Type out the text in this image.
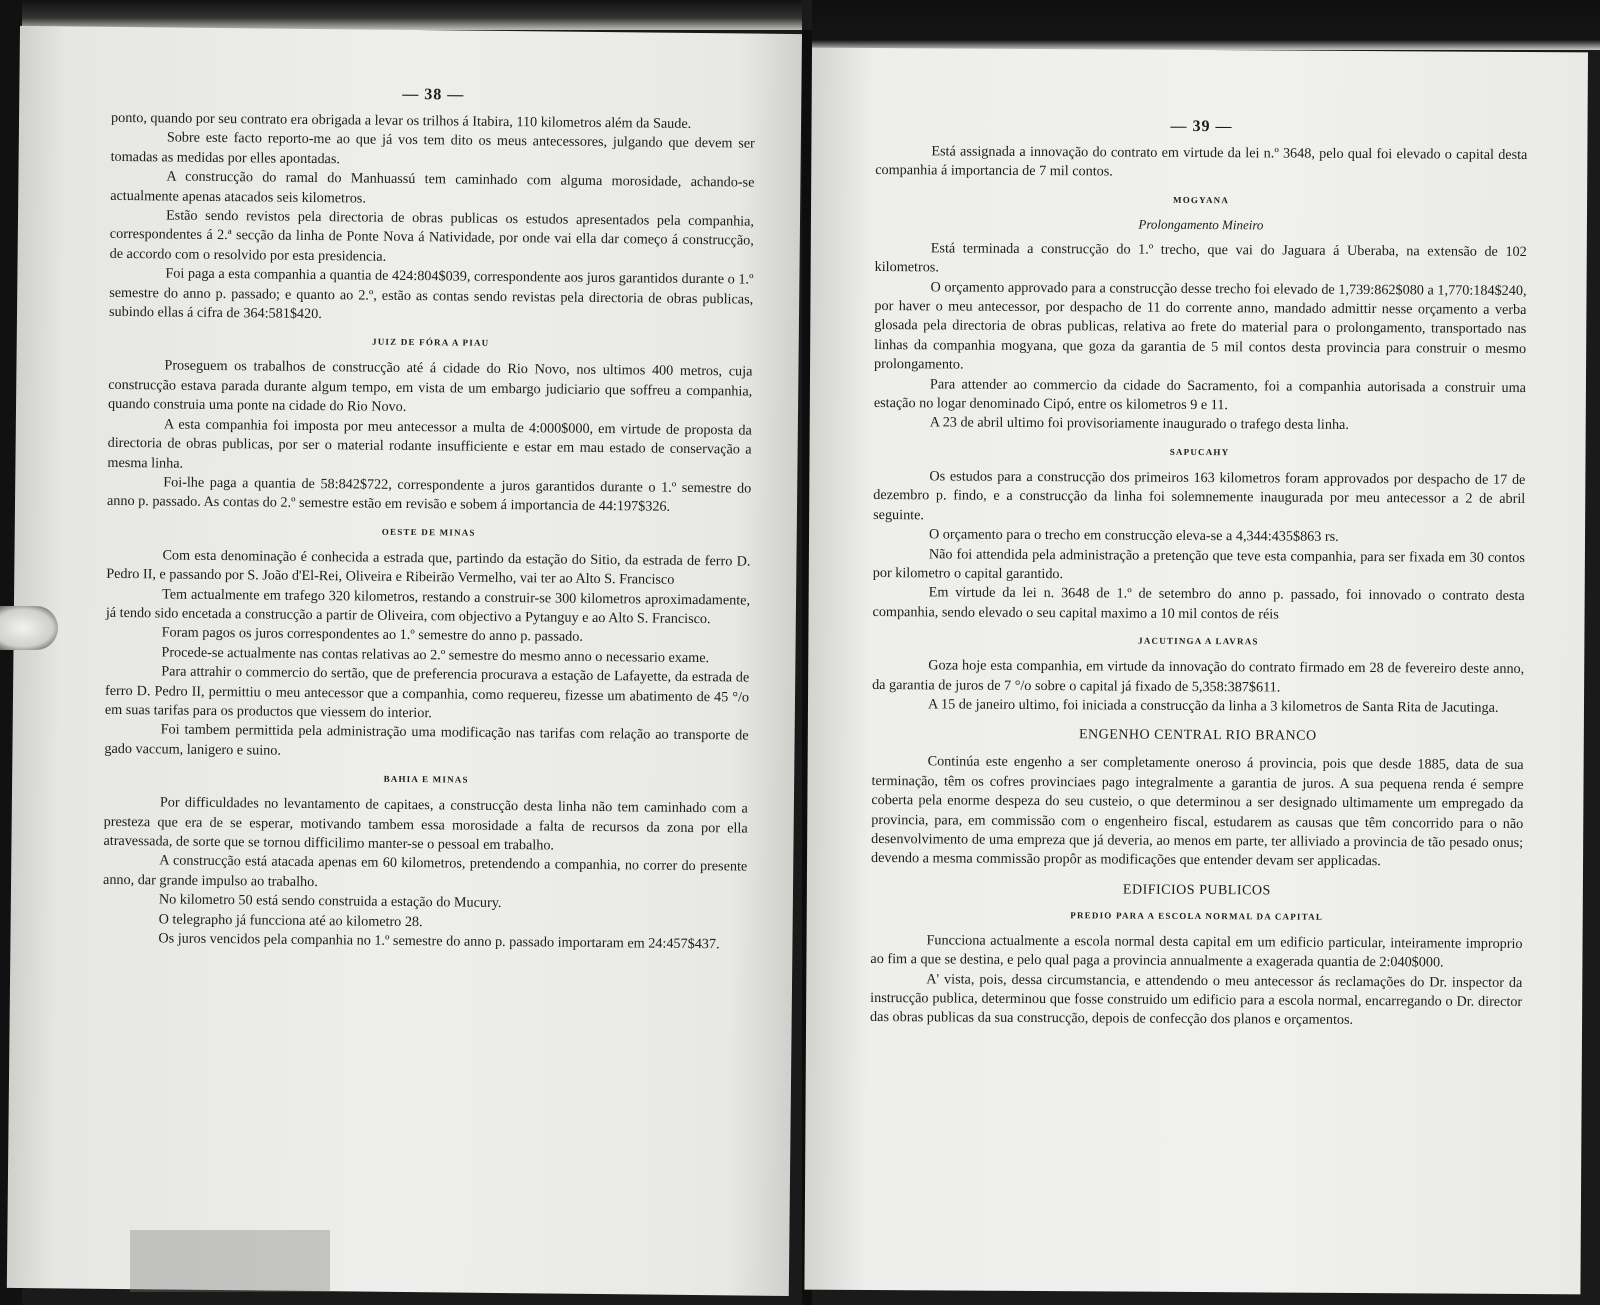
— 38 —

ponto, quando por seu contrato era obrigada a levar os trilhos á Itabira, 110 kilometros além da Saude.

Sobre este facto reporto-me ao que já vos tem dito os meus antecessores, julgando que devem ser tomadas as medidas por elles apontadas.

A construcção do ramal do Manhuassú tem caminhado com alguma morosidade, achando-se actualmente apenas atacados seis kilometros.

Estão sendo revistos pela directoria de obras publicas os estudos apresentados pela companhia, correspondentes á 2.ª secção da linha de Ponte Nova á Natividade, por onde vai ella dar começo á construcção, de accordo com o resolvido por esta presidencia.

Foi paga a esta companhia a quantia de 424:804$039, correspondente aos juros garantidos durante o 1.º semestre do anno p. passado; e quanto ao 2.º, estão as contas sendo revistas pela directoria de obras publicas, subindo ellas á cifra de 364:581$420.

JUIZ DE FÓRA A PIAU

Proseguem os trabalhos de construcção até á cidade do Rio Novo, nos ultimos 400 metros, cuja construcção estava parada durante algum tempo, em vista de um embargo judiciario que soffreu a companhia, quando construia uma ponte na cidade do Rio Novo.

A esta companhia foi imposta por meu antecessor a multa de 4:000$000, em virtude de proposta da directoria de obras publicas, por ser o material rodante insufficiente e estar em mau estado de conservação a mesma linha.

Foi-lhe paga a quantia de 58:842$722, correspondente a juros garantidos durante o 1.º semestre do anno p. passado. As contas do 2.º semestre estão em revisão e sobem á importancia de 44:197$326.

OESTE DE MINAS

Com esta denominação é conhecida a estrada que, partindo da estação do Sitio, da estrada de ferro D. Pedro II, e passando por S. João d'El-Rei, Oliveira e Ribeirão Vermelho, vai ter ao Alto S. Francisco

Tem actualmente em trafego 320 kilometros, restando a construir-se 300 kilometros aproximadamente, já tendo sido encetada a construcção a partir de Oliveira, com objectivo a Pytanguy e ao Alto S. Francisco.

Foram pagos os juros correspondentes ao 1.º semestre do anno p. passado.

Procede-se actualmente nas contas relativas ao 2.º semestre do mesmo anno o necessario exame.

Para attrahir o commercio do sertão, que de preferencia procurava a estação de Lafayette, da estrada de ferro D. Pedro II, permittiu o meu antecessor que a companhia, como requereu, fizesse um abatimento de 45 °/o em suas tarifas para os productos que viessem do interior.

Foi tambem permittida pela administração uma modificação nas tarifas com relação ao transporte de gado vaccum, lanigero e suino.

BAHIA E MINAS

Por difficuldades no levantamento de capitaes, a construcção desta linha não tem caminhado com a presteza que era de se esperar, motivando tambem essa morosidade a falta de recursos da zona por ella atravessada, de sorte que se tornou difficilimo manter-se o pessoal em trabalho.

A construcção está atacada apenas em 60 kilometros, pretendendo a companhia, no correr do presente anno, dar grande impulso ao trabalho.

No kilometro 50 está sendo construida a estação do Mucury.

O telegrapho já funcciona até ao kilometro 28.

Os juros vencidos pela companhia no 1.º semestre do anno p. passado importaram em 24:457$437.

— 39 —

Está assignada a innovação do contrato em virtude da lei n.º 3648, pelo qual foi elevado o capital desta companhia á importancia de 7 mil contos.

MOGYANA
Prolongamento Mineiro

Está terminada a construcção do 1.º trecho, que vai do Jaguara á Uberaba, na extensão de 102 kilometros.

O orçamento approvado para a construcção desse trecho foi elevado de 1,739:862$080 a 1,770:184$240, por haver o meu antecessor, por despacho de 11 do corrente anno, mandado admittir nesse orçamento a verba glosada pela directoria de obras publicas, relativa ao frete do material para o prolongamento, transportado nas linhas da companhia mogyana, que goza da garantia de 5 mil contos desta provincia para construir o mesmo prolongamento.

Para attender ao commercio da cidade do Sacramento, foi a companhia autorisada a construir uma estação no logar denominado Cipó, entre os kilometros 9 e 11.

A 23 de abril ultimo foi provisoriamente inaugurado o trafego desta linha.

SAPUCAHY

Os estudos para a construcção dos primeiros 163 kilometros foram approvados por despacho de 17 de dezembro p. findo, e a construcção da linha foi solemnemente inaugurada por meu antecessor a 2 de abril seguinte.

O orçamento para o trecho em construcção eleva-se a 4,344:435$863 rs.

Não foi attendida pela administração a pretenção que teve esta companhia, para ser fixada em 30 contos por kilometro o capital garantido.

Em virtude da lei n. 3648 de 1.º de setembro do anno p. passado, foi innovado o contrato desta companhia, sendo elevado o seu capital maximo a 10 mil contos de réis

JACUTINGA A LAVRAS

Goza hoje esta companhia, em virtude da innovação do contrato firmado em 28 de fevereiro deste anno, da garantia de juros de 7 °/o sobre o capital já fixado de 5,358:387$611.

A 15 de janeiro ultimo, foi iniciada a construcção da linha a 3 kilometros de Santa Rita de Jacutinga.

ENGENHO CENTRAL RIO BRANCO

Continúa este engenho a ser completamente oneroso á provincia, pois que desde 1885, data de sua terminação, têm os cofres provinciaes pago integralmente a garantia de juros. A sua pequena renda é sempre coberta pela enorme despeza do seu custeio, o que determinou a ser designado ultimamente um empregado da provincia, para, em commissão com o engenheiro fiscal, estudarem as causas que têm concorrido para o não desenvolvimento de uma empreza que já deveria, ao menos em parte, ter alliviado a provincia de tão pesado onus; devendo a mesma commissão propôr as modificações que entender devam ser applicadas.

EDIFICIOS PUBLICOS
PREDIO PARA A ESCOLA NORMAL DA CAPITAL

Funcciona actualmente a escola normal desta capital em um edificio particular, inteiramente improprio ao fim a que se destina, e pelo qual paga a provincia annualmente a exagerada quantia de 2:040$000.

A' vista, pois, dessa circumstancia, e attendendo o meu antecessor ás reclamações do Dr. inspector da instrucção publica, determinou que fosse construido um edificio para a escola normal, encarregando o Dr. director das obras publicas da sua construcção, depois de confecção dos planos e orçamentos.
